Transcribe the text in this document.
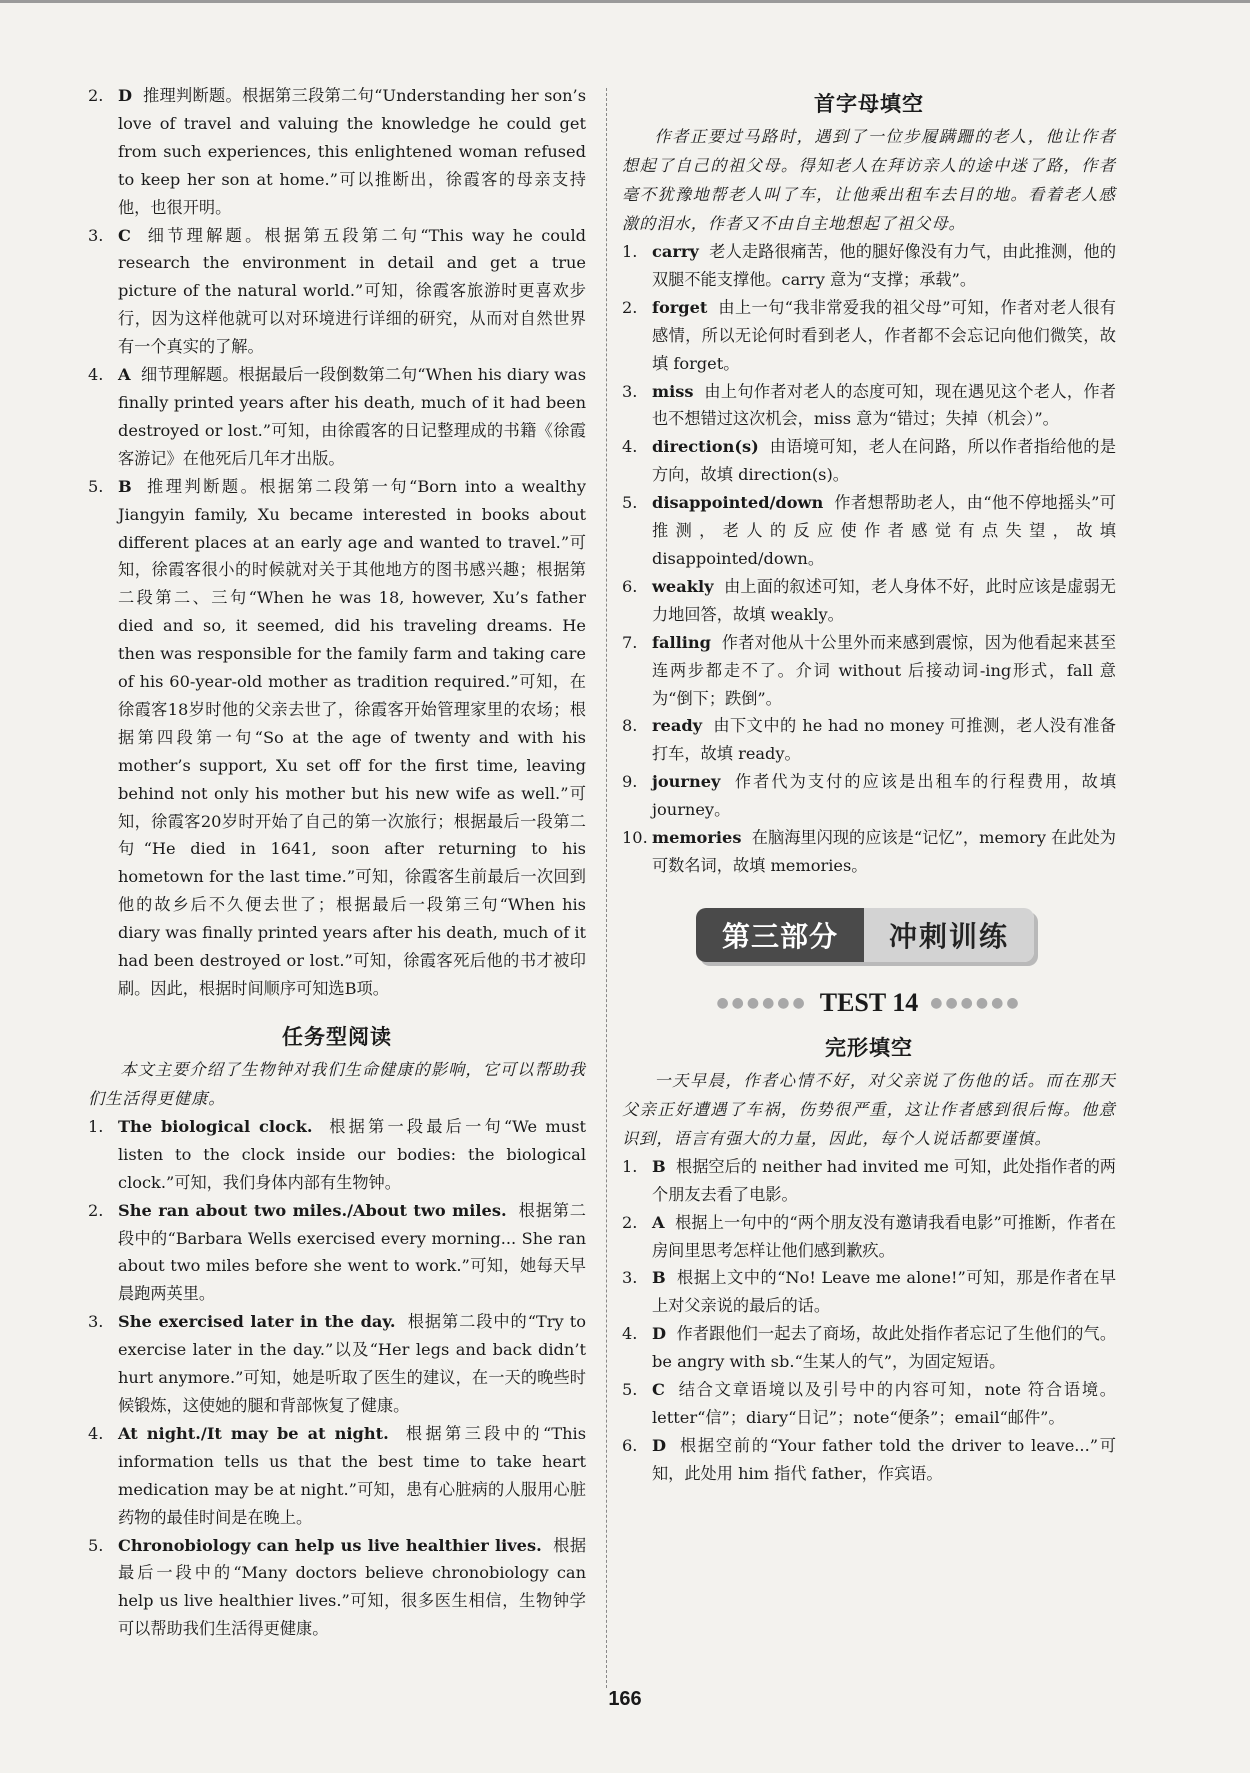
2. D 推理判断题。根据第三段第二句“Understanding her son’s love of travel and valuing the knowledge he could get from such experiences, this enlightened woman refused to keep her son at home.”可以推断出，徐霞客的母亲支持他，也很开明。
3. C 细节理解题。根据第五段第二句“This way he could research the environment in detail and get a true picture of the natural world.”可知，徐霞客旅游时更喜欢步行，因为这样他就可以对环境进行详细的研究，从而对自然世界有一个真实的了解。
4. A 细节理解题。根据最后一段倒数第二句“When his diary was finally printed years after his death, much of it had been destroyed or lost.”可知，由徐霞客的日记整理成的书籍《徐霞客游记》在他死后几年才出版。
5. B 推理判断题。根据第二段第一句“Born into a wealthy Jiangyin family, Xu became interested in books about different places at an early age and wanted to travel.”可知，徐霞客很小的时候就对关于其他地方的图书感兴趣；根据第二段第二、三句“When he was 18, however, Xu’s father died and so, it seemed, did his traveling dreams. He then was responsible for the family farm and taking care of his 60-year-old mother as tradition required.”可知，在徐霞客18岁时他的父亲去世了，徐霞客开始管理家里的农场；根据第四段第一句“So at the age of twenty and with his mother’s support, Xu set off for the first time, leaving behind not only his mother but his new wife as well.”可知，徐霞客20岁时开始了自己的第一次旅行；根据最后一段第二句“He died in 1641, soon after returning to his hometown for the last time.”可知，徐霞客生前最后一次回到他的故乡后不久便去世了；根据最后一段第三句“When his diary was finally printed years after his death, much of it had been destroyed or lost.”可知，徐霞客死后他的书才被印刷。因此，根据时间顺序可知选B项。
任务型阅读
本文主要介绍了生物钟对我们生命健康的影响，它可以帮助我们生活得更健康。
1. The biological clock. 根据第一段最后一句“We must listen to the clock inside our bodies: the biological clock.”可知，我们身体内部有生物钟。
2. She ran about two miles./About two miles. 根据第二段中的“Barbara Wells exercised every morning... She ran about two miles before she went to work.”可知，她每天早晨跑两英里。
3. She exercised later in the day. 根据第二段中的“Try to exercise later in the day.”以及“Her legs and back didn’t hurt anymore.”可知，她是听取了医生的建议，在一天的晚些时候锻炼，这使她的腿和背部恢复了健康。
4. At night./It may be at night. 根据第三段中的“This information tells us that the best time to take heart medication may be at night.”可知，患有心脏病的人服用心脏药物的最佳时间是在晚上。
5. Chronobiology can help us live healthier lives. 根据最后一段中的“Many doctors believe chronobiology can help us live healthier lives.”可知，很多医生相信，生物钟学可以帮助我们生活得更健康。
首字母填空
作者正要过马路时，遇到了一位步履蹒跚的老人，他让作者想起了自己的祖父母。得知老人在拜访亲人的途中迷了路，作者毫不犹豫地帮老人叫了车，让他乘出租车去目的地。看着老人感激的泪水，作者又不由自主地想起了祖父母。
1. carry 老人走路很痛苦，他的腿好像没有力气，由此推测，他的双腿不能支撑他。carry 意为“支撑；承载”。
2. forget 由上一句“我非常爱我的祖父母”可知，作者对老人很有感情，所以无论何时看到老人，作者都不会忘记向他们微笑，故填 forget。
3. miss 由上句作者对老人的态度可知，现在遇见这个老人，作者也不想错过这次机会，miss 意为“错过；失掉（机会）”。
4. direction(s) 由语境可知，老人在问路，所以作者指给他的是方向，故填 direction(s)。
5. disappointed/down 作者想帮助老人，由“他不停地摇头”可推测，老人的反应使作者感觉有点失望，故填 disappointed/down。
6. weakly 由上面的叙述可知，老人身体不好，此时应该是虚弱无力地回答，故填 weakly。
7. falling 作者对他从十公里外而来感到震惊，因为他看起来甚至连两步都走不了。介词 without 后接动词-ing形式，fall 意为“倒下；跌倒”。
8. ready 由下文中的 he had no money 可推测，老人没有准备打车，故填 ready。
9. journey 作者代为支付的应该是出租车的行程费用，故填 journey。
10. memories 在脑海里闪现的应该是“记忆”，memory 在此处为可数名词，故填 memories。
第三部分	冲刺训练
●●●●●● TEST 14 ●●●●●●
完形填空
一天早晨，作者心情不好，对父亲说了伤他的话。而在那天父亲正好遭遇了车祸，伤势很严重，这让作者感到很后悔。他意识到，语言有强大的力量，因此，每个人说话都要谨慎。
1. B 根据空后的 neither had invited me 可知，此处指作者的两个朋友去看了电影。
2. A 根据上一句中的“两个朋友没有邀请我看电影”可推断，作者在房间里思考怎样让他们感到歉疚。
3. B 根据上文中的“No! Leave me alone!”可知，那是作者在早上对父亲说的最后的话。
4. D 作者跟他们一起去了商场，故此处指作者忘记了生他们的气。be angry with sb.“生某人的气”，为固定短语。
5. C 结合文章语境以及引号中的内容可知，note 符合语境。letter“信”；diary“日记”；note“便条”；email“邮件”。
6. D 根据空前的“Your father told the driver to leave...”可知，此处用 him 指代 father，作宾语。
166
